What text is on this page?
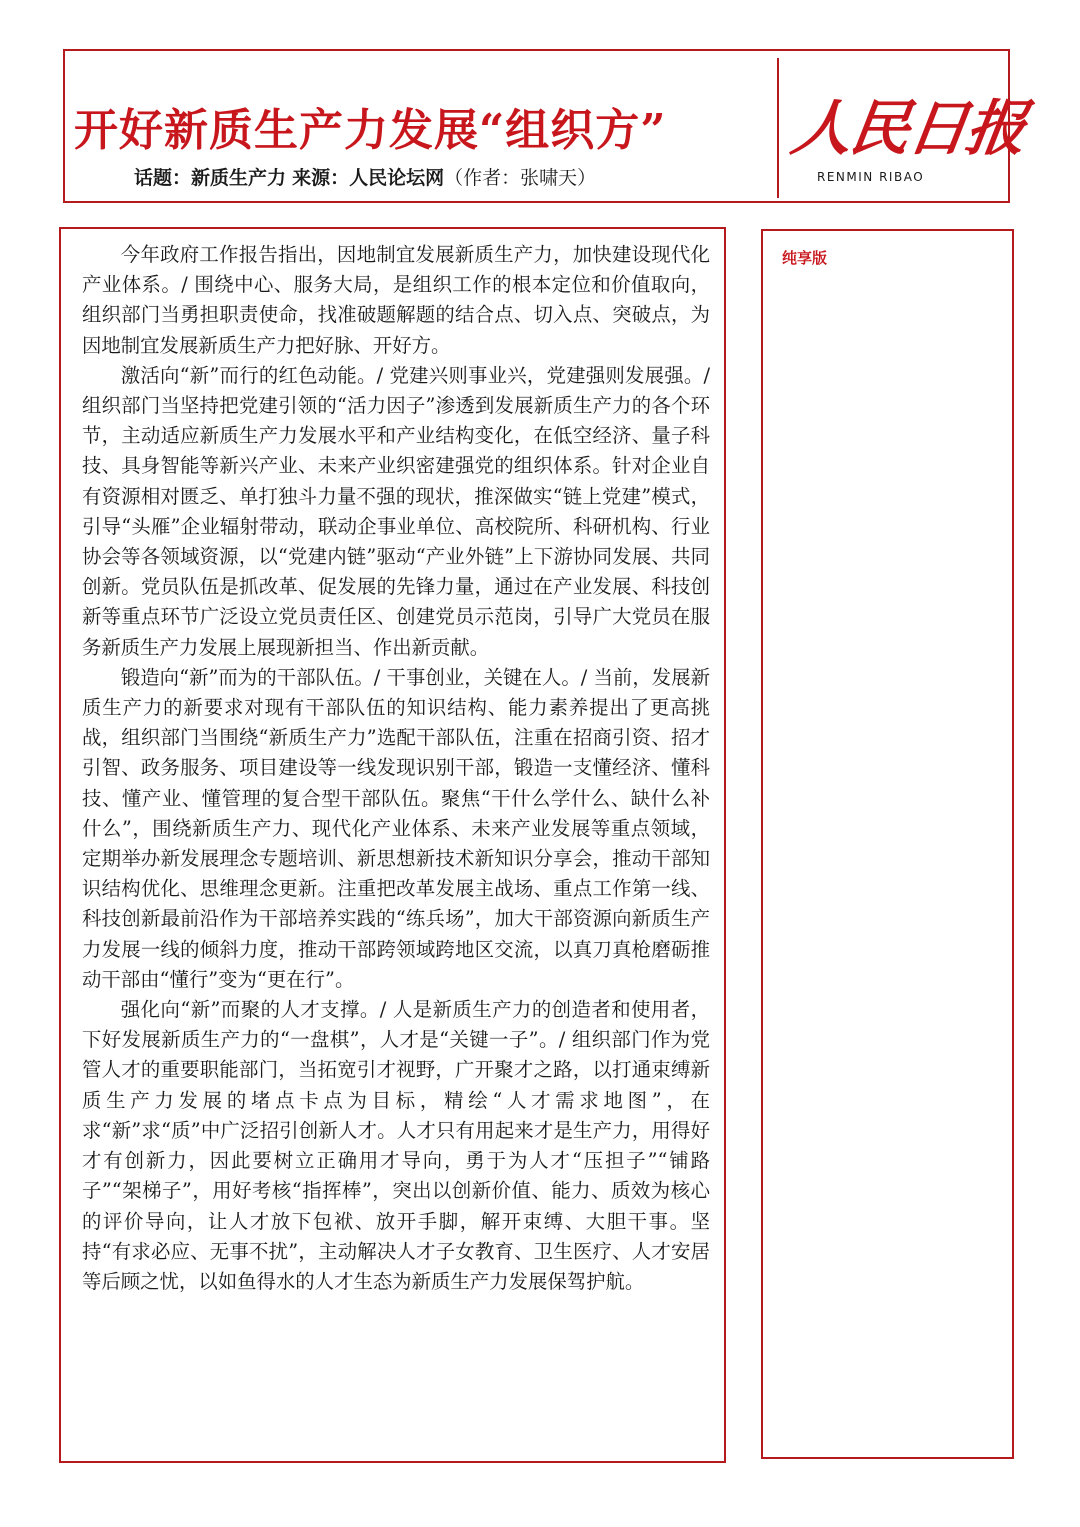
开好新质生产力发展“组织方”
话题：新质生产力 来源：人民论坛网（作者：张啸天）
人民日报
RENMIN RIBAO

今年政府工作报告指出，因地制宜发展新质生产力，加快建设现代化产业体系。/ 围绕中心、服务大局，是组织工作的根本定位和价值取向，组织部门当勇担职责使命，找准破题解题的结合点、切入点、突破点，为因地制宜发展新质生产力把好脉、开好方。

激活向“新”而行的红色动能。/ 党建兴则事业兴，党建强则发展强。/ 组织部门当坚持把党建引领的“活力因子”渗透到发展新质生产力的各个环节，主动适应新质生产力发展水平和产业结构变化，在低空经济、量子科技、具身智能等新兴产业、未来产业织密建强党的组织体系。针对企业自有资源相对匮乏、单打独斗力量不强的现状，推深做实“链上党建”模式，引导“头雁”企业辐射带动，联动企事业单位、高校院所、科研机构、行业协会等各领域资源，以“党建内链”驱动“产业外链”上下游协同发展、共同创新。党员队伍是抓改革、促发展的先锋力量，通过在产业发展、科技创新等重点环节广泛设立党员责任区、创建党员示范岗，引导广大党员在服务新质生产力发展上展现新担当、作出新贡献。

锻造向“新”而为的干部队伍。/ 干事创业，关键在人。/ 当前，发展新质生产力的新要求对现有干部队伍的知识结构、能力素养提出了更高挑战，组织部门当围绕“新质生产力”选配干部队伍，注重在招商引资、招才引智、政务服务、项目建设等一线发现识别干部，锻造一支懂经济、懂科技、懂产业、懂管理的复合型干部队伍。聚焦“干什么学什么、缺什么补什么”，围绕新质生产力、现代化产业体系、未来产业发展等重点领域，定期举办新发展理念专题培训、新思想新技术新知识分享会，推动干部知识结构优化、思维理念更新。注重把改革发展主战场、重点工作第一线、科技创新最前沿作为干部培养实践的“练兵场”，加大干部资源向新质生产力发展一线的倾斜力度，推动干部跨领域跨地区交流，以真刀真枪磨砺推动干部由“懂行”变为“更在行”。

强化向“新”而聚的人才支撑。/ 人是新质生产力的创造者和使用者，下好发展新质生产力的“一盘棋”，人才是“关键一子”。/ 组织部门作为党管人才的重要职能部门，当拓宽引才视野，广开聚才之路，以打通束缚新质生产力发展的堵点卡点为目标，精绘“人才需求地图”，在求“新”求“质”中广泛招引创新人才。人才只有用起来才是生产力，用得好才有创新力，因此要树立正确用才导向，勇于为人才“压担子”“铺路子”“架梯子”，用好考核“指挥棒”，突出以创新价值、能力、质效为核心的评价导向，让人才放下包袱、放开手脚，解开束缚、大胆干事。坚持“有求必应、无事不扰”，主动解决人才子女教育、卫生医疗、人才安居等后顾之忧，以如鱼得水的人才生态为新质生产力发展保驾护航。

纯享版
